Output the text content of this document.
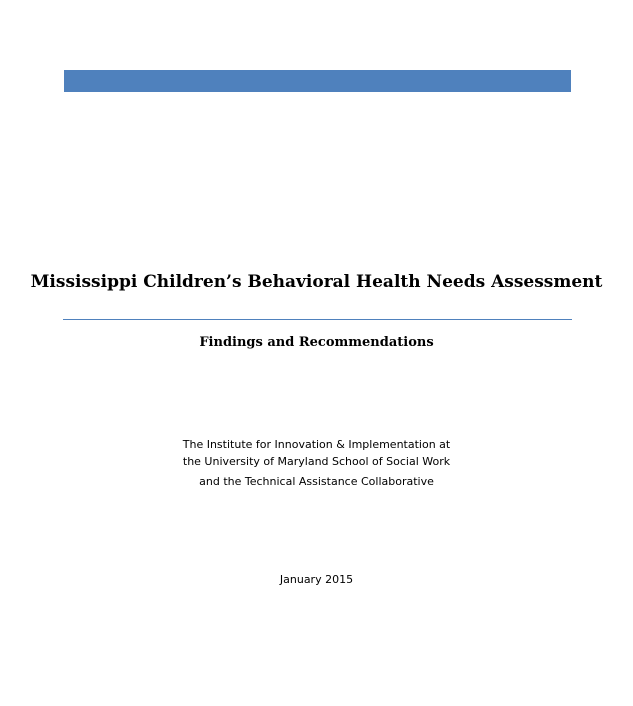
Mississippi Children’s Behavioral Health Needs Assessment
Findings and Recommendations
The Institute for Innovation & Implementation at
the University of Maryland School of Social Work
and the Technical Assistance Collaborative
January 2015
